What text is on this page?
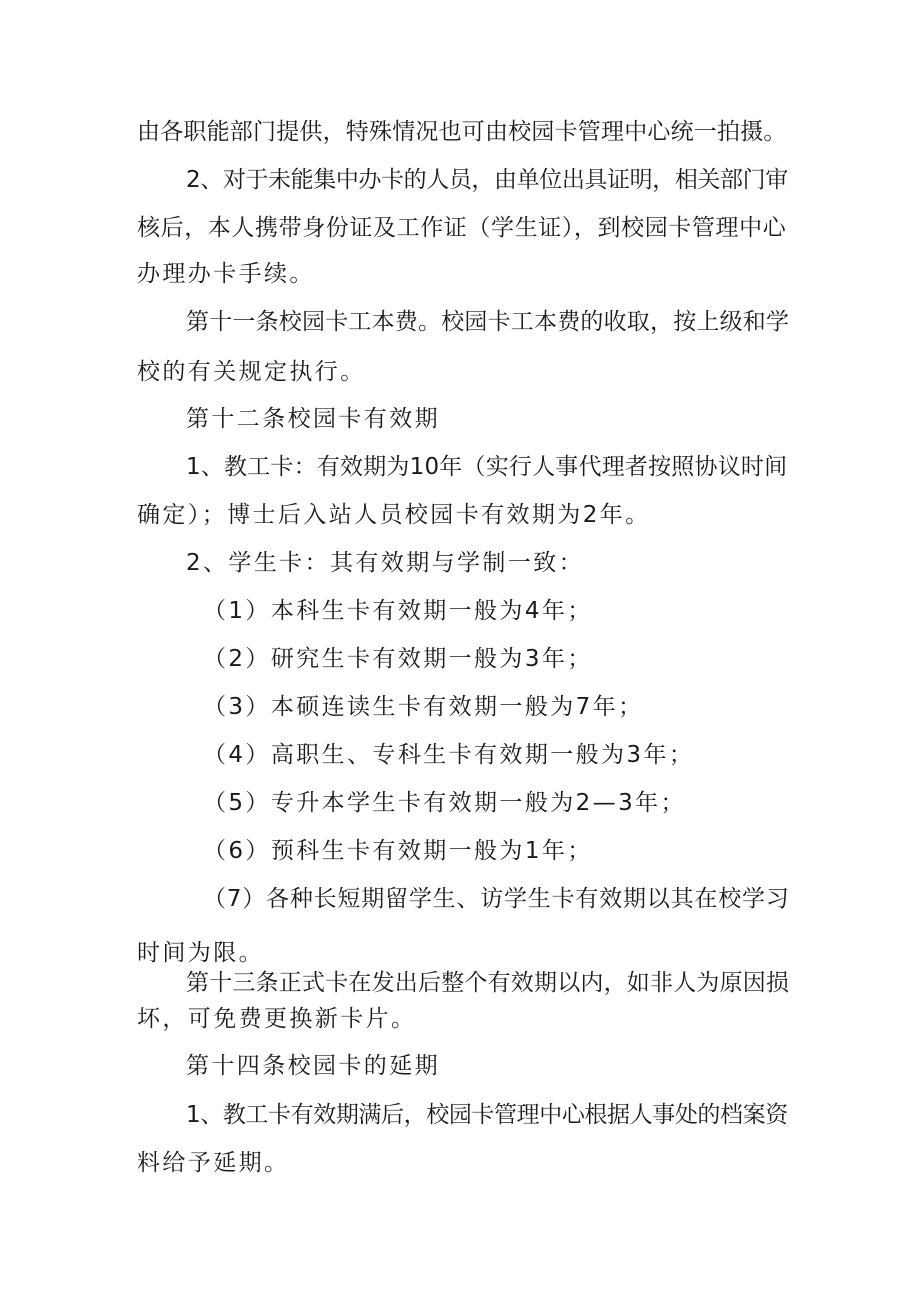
由各职能部门提供，特殊情况也可由校园卡管理中心统一拍摄。
2、对于未能集中办卡的人员，由单位出具证明，相关部门审
核后，本人携带身份证及工作证（学生证），到校园卡管理中心
办理办卡手续。
第十一条校园卡工本费。校园卡工本费的收取，按上级和学
校的有关规定执行。
第十二条校园卡有效期
1、教工卡：有效期为10年（实行人事代理者按照协议时间
确定）；博士后入站人员校园卡有效期为2年。
2、学生卡：其有效期与学制一致：
（1）本科生卡有效期一般为4年；
（2）研究生卡有效期一般为3年；
（3）本硕连读生卡有效期一般为7年；
（4）高职生、专科生卡有效期一般为3年；
（5）专升本学生卡有效期一般为2—3年；
（6）预科生卡有效期一般为1年；
（7）各种长短期留学生、访学生卡有效期以其在校学习
时间为限。
第十三条正式卡在发出后整个有效期以内，如非人为原因损
坏，可免费更换新卡片。
第十四条校园卡的延期
1、教工卡有效期满后，校园卡管理中心根据人事处的档案资
料给予延期。
